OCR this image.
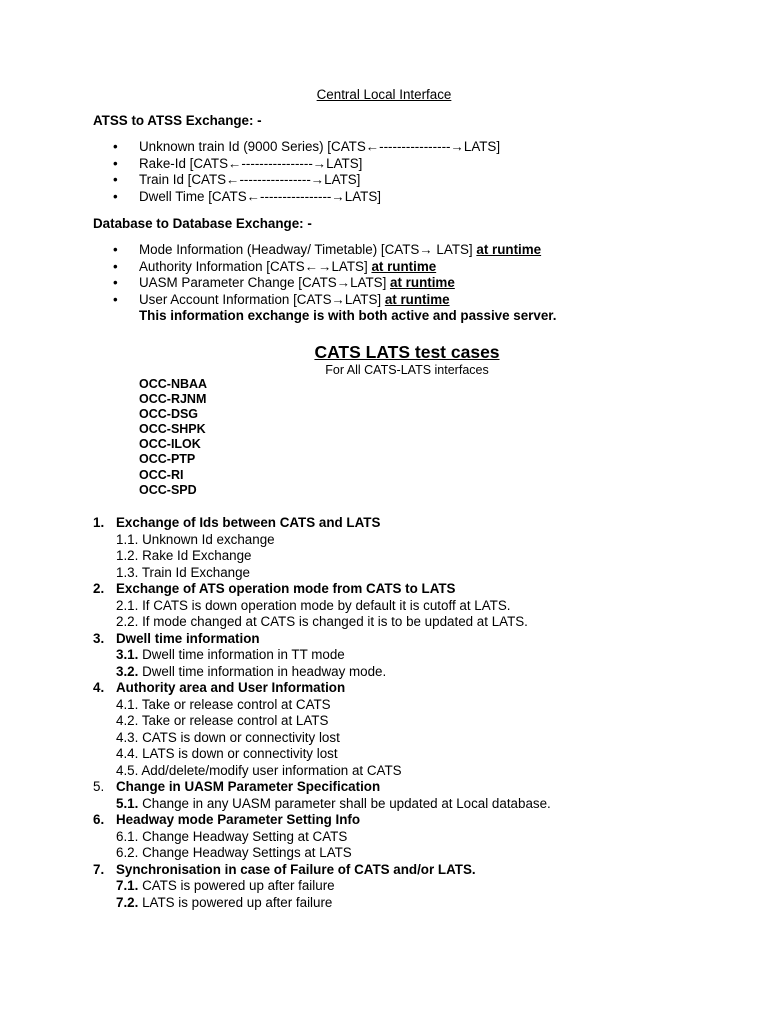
Central Local Interface
ATSS to ATSS Exchange: -
• Unknown train Id (9000 Series) [CATS←----------------→LATS]
• Rake-Id [CATS←----------------→LATS]
• Train Id [CATS←----------------→LATS]
• Dwell Time [CATS←----------------→LATS]
Database to Database Exchange: -
• Mode Information (Headway/ Timetable) [CATS→ LATS] at runtime
• Authority Information [CATS←→LATS] at runtime
• UASM Parameter Change [CATS→LATS] at runtime
• User Account Information [CATS→LATS] at runtime
This information exchange is with both active and passive server.
CATS LATS test cases
For All CATS-LATS interfaces
OCC-NBAA
OCC-RJNM
OCC-DSG
OCC-SHPK
OCC-ILOK
OCC-PTP
OCC-RI
OCC-SPD
1. Exchange of Ids between CATS and LATS
1.1. Unknown Id exchange
1.2. Rake Id Exchange
1.3. Train Id Exchange
2. Exchange of ATS operation mode from CATS to LATS
2.1. If CATS is down operation mode by default it is cutoff at LATS.
2.2. If mode changed at CATS is changed it is to be updated at LATS.
3. Dwell time information
3.1. Dwell time information in TT mode
3.2. Dwell time information in headway mode.
4. Authority area and User Information
4.1. Take or release control at CATS
4.2. Take or release control at LATS
4.3. CATS is down or connectivity lost
4.4. LATS is down or connectivity lost
4.5. Add/delete/modify user information at CATS
5. Change in UASM Parameter Specification
5.1. Change in any UASM parameter shall be updated at Local database.
6. Headway mode Parameter Setting Info
6.1. Change Headway Setting at CATS
6.2. Change Headway Settings at LATS
7. Synchronisation in case of Failure of CATS and/or LATS.
7.1. CATS is powered up after failure
7.2. LATS is powered up after failure
